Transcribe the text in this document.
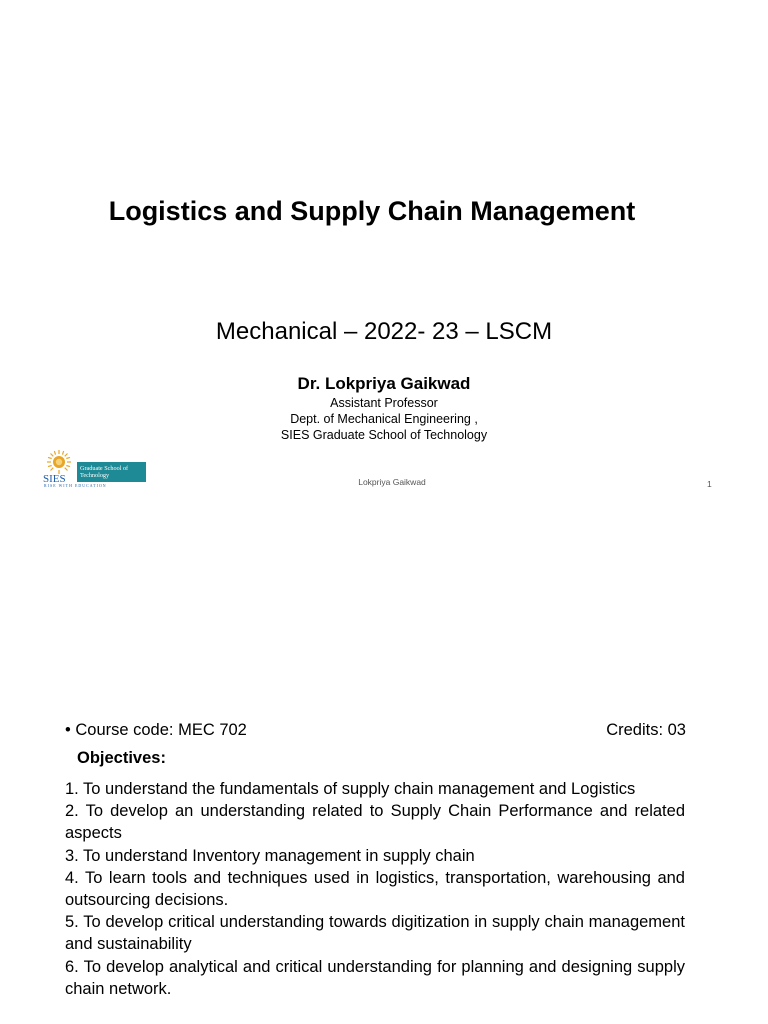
Logistics and Supply Chain Management
Mechanical – 2022- 23 – LSCM
Dr. Lokpriya Gaikwad
Assistant Professor
Dept. of Mechanical Engineering ,
SIES Graduate School of Technology
SIES
Graduate School of
Technology
RISE WITH EDUCATION	Lokpriya Gaikwad	1
• Course code: MEC 702	Credits: 03
Objectives:
1. To understand the fundamentals of supply chain management and Logistics
2. To develop an understanding related to Supply Chain Performance and related aspects
3. To understand Inventory management in supply chain
4. To learn tools and techniques used in logistics, transportation, warehousing and outsourcing decisions.
5. To develop critical understanding towards digitization in supply chain management and sustainability
6. To develop analytical and critical understanding for planning and designing supply chain network.
